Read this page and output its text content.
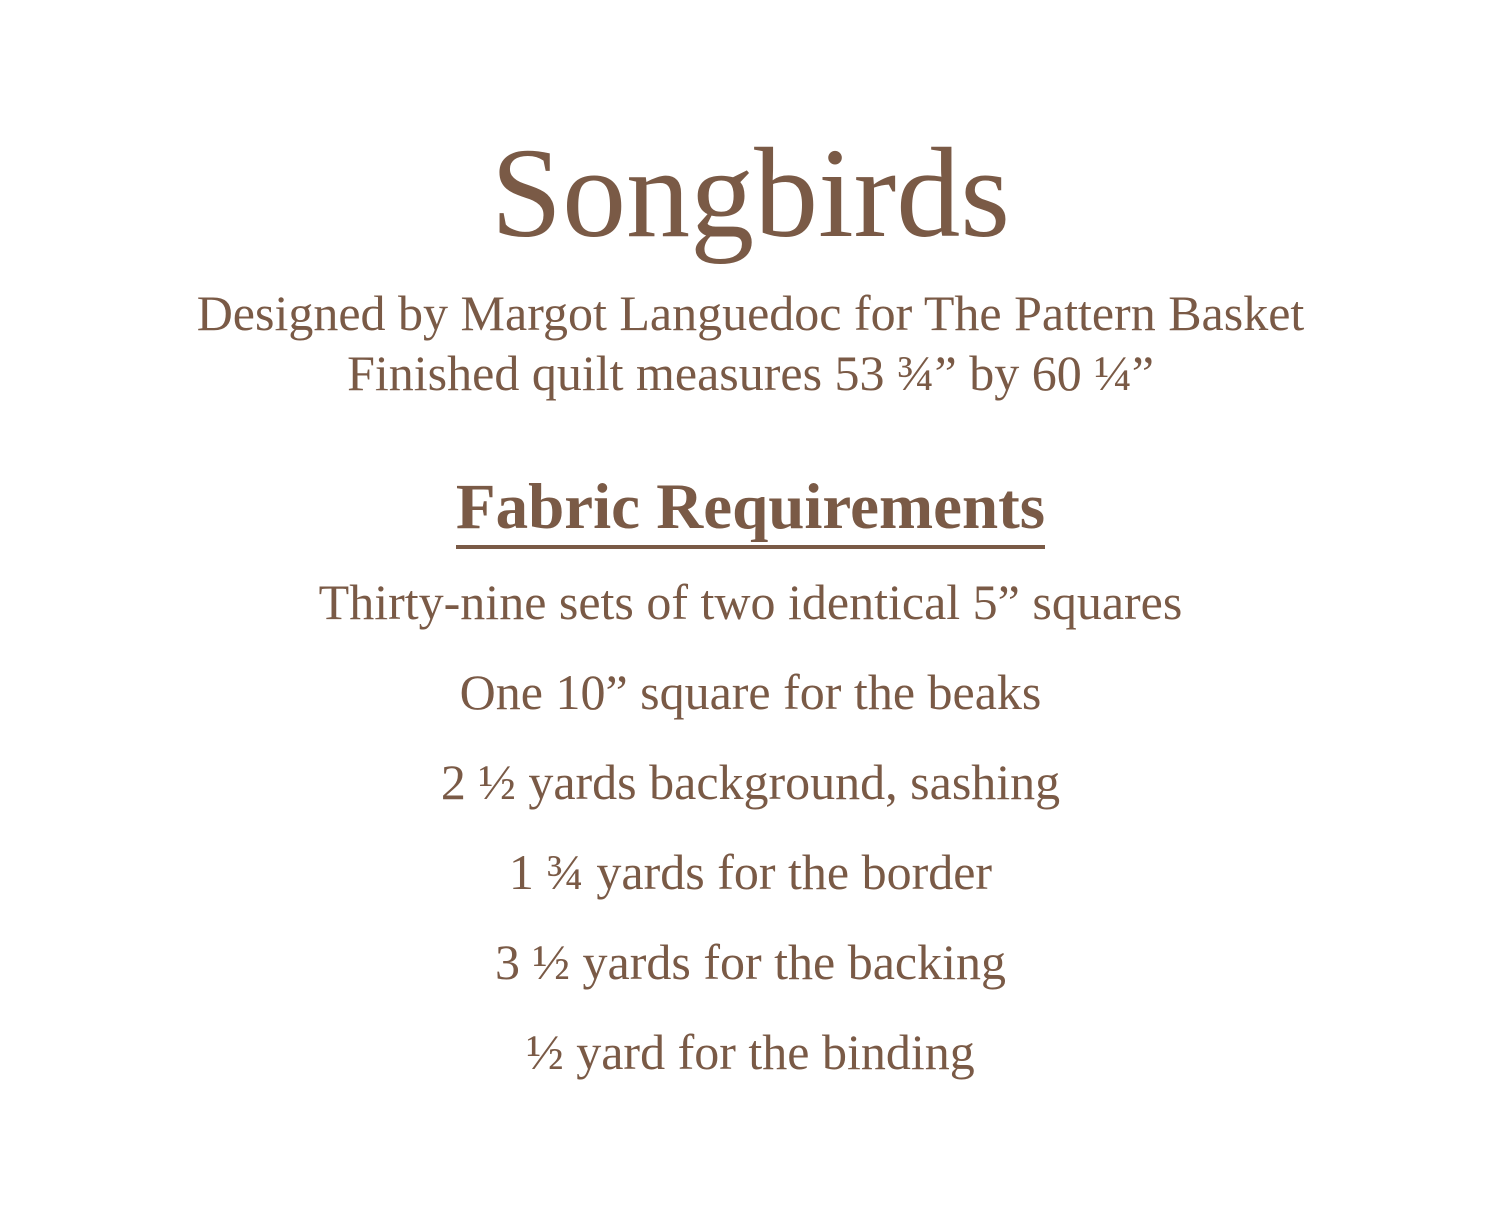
Songbirds

Designed by Margot Languedoc for The Pattern Basket

Finished quilt measures 53 ¾” by 60 ¼”

Fabric Requirements

Thirty-nine sets of two identical 5” squares

One 10” square for the beaks

2 ½ yards background, sashing

1 ¾ yards for the border

3 ½ yards for the backing

½ yard for the binding
